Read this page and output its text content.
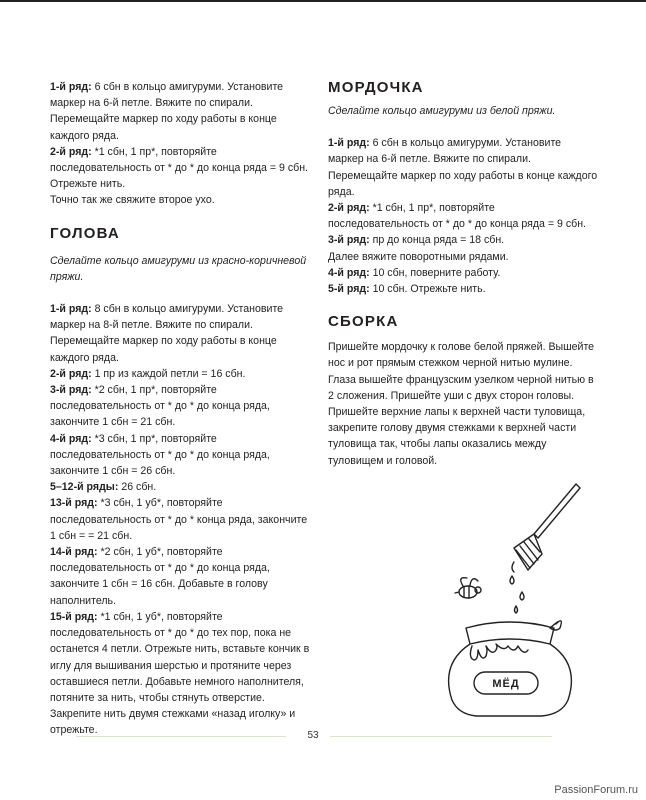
1-й ряд: 6 сбн в кольцо амигуруми. Установите маркер на 6-й петле. Вяжите по спирали. Перемещайте маркер по ходу работы в конце каждого ряда.

2-й ряд: *1 сбн, 1 пр*, повторяйте последовательность от * до * до конца ряда = 9 сбн. Отрежьте нить.

Точно так же свяжите второе ухо.

ГОЛОВА

Сделайте кольцо амигуруми из красно-коричневой пряжи.

1-й ряд: 8 сбн в кольцо амигуруми. Установите маркер на 8-й петле. Вяжите по спирали. Перемещайте маркер по ходу работы в конце каждого ряда.

2-й ряд: 1 пр из каждой петли = 16 сбн.

3-й ряд: *2 сбн, 1 пр*, повторяйте последовательность от * до * до конца ряда, закончите 1 сбн = 21 сбн.

4-й ряд: *3 сбн, 1 пр*, повторяйте последовательность от * до * до конца ряда, закончите 1 сбн = 26 сбн.

5–12-й ряды: 26 сбн.

13-й ряд: *3 сбн, 1 уб*, повторяйте последовательность от * до * конца ряда, закончите 1 сбн = = 21 сбн.

14-й ряд: *2 сбн, 1 уб*, повторяйте последовательность от * до * до конца ряда, закончите 1 сбн = 16 сбн. Добавьте в голову наполнитель.

15-й ряд: *1 сбн, 1 уб*, повторяйте последовательность от * до * до тех пор, пока не останется 4 петли. Отрежьте нить, вставьте кончик в иглу для вышивания шерстью и протяните через оставшиеся петли. Добавьте немного наполнителя, потяните за нить, чтобы стянуть отверстие. Закрепите нить двумя стежками «назад иголку» и отрежьте.

МОРДОЧКА

Сделайте кольцо амигуруми из белой пряжи.

1-й ряд: 6 сбн в кольцо амигуруми. Установите маркер на 6-й петле. Вяжите по спирали. Перемещайте маркер по ходу работы в конце каждого ряда.

2-й ряд: *1 сбн, 1 пр*, повторяйте последовательность от * до * до конца ряда = 9 сбн.

3-й ряд: пр до конца ряда = 18 сбн.

Далее вяжите поворотными рядами.

4-й ряд: 10 сбн, поверните работу.

5-й ряд: 10 сбн. Отрежьте нить.

СБОРКА

Пришейте мордочку к голове белой пряжей. Вышейте нос и рот прямым стежком черной нитью мулине. Глаза вышейте французским узелком черной нитью в 2 сложения. Пришейте уши с двух сторон головы. Пришейте верхние лапы к верхней части туловища, закрепите голову двумя стежками к верхней части туловища так, чтобы лапы оказались между туловищем и головой.

МЁД
53
PassionForum.ru
